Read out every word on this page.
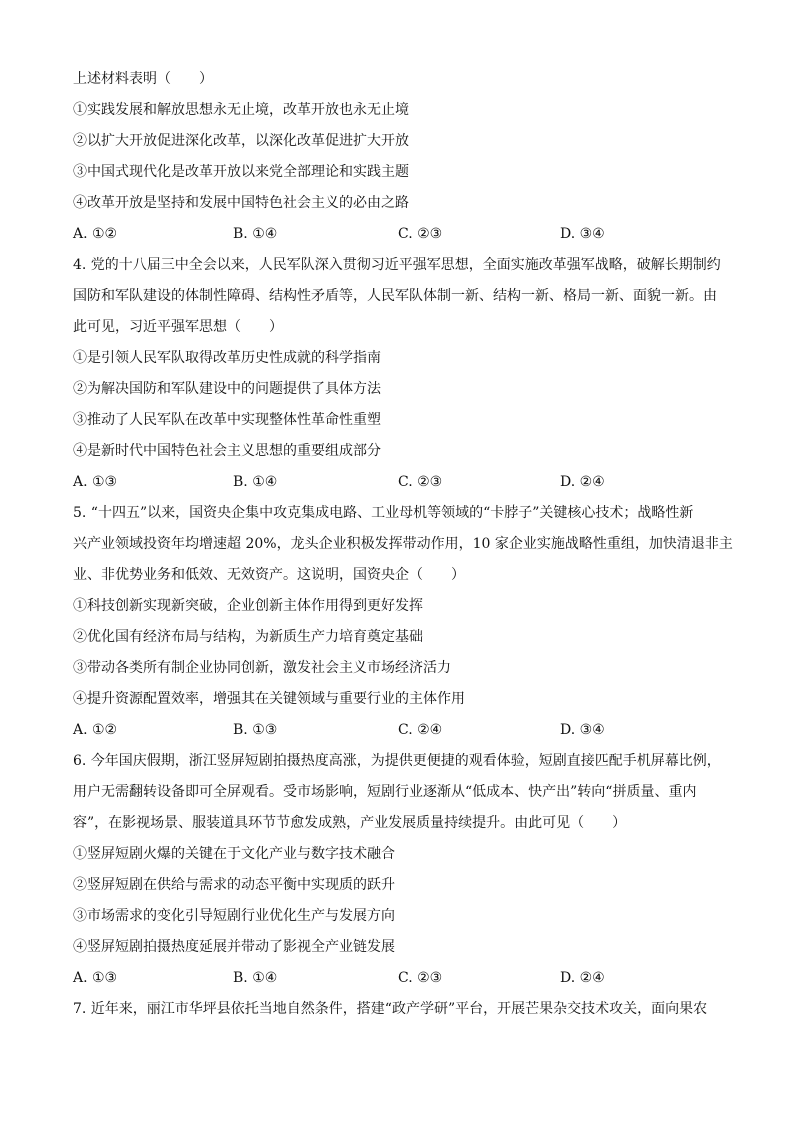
上述材料表明（　　）
①实践发展和解放思想永无止境，改革开放也永无止境
②以扩大开放促进深化改革，以深化改革促进扩大开放
③中国式现代化是改革开放以来党全部理论和实践主题
④改革开放是坚持和发展中国特色社会主义的必由之路
A. ①②	B. ①④	C. ②③	D. ③④
4. 党的十八届三中全会以来，人民军队深入贯彻习近平强军思想，全面实施改革强军战略，破解长期制约
国防和军队建设的体制性障碍、结构性矛盾等，人民军队体制一新、结构一新、格局一新、面貌一新。由
此可见，习近平强军思想（　　）
①是引领人民军队取得改革历史性成就的科学指南
②为解决国防和军队建设中的问题提供了具体方法
③推动了人民军队在改革中实现整体性革命性重塑
④是新时代中国特色社会主义思想的重要组成部分
A. ①③	B. ①④	C. ②③	D. ②④
5. “十四五”以来，国资央企集中攻克集成电路、工业母机等领域的“卡脖子”关键核心技术；战略性新
兴产业领域投资年均增速超 20%，龙头企业积极发挥带动作用，10 家企业实施战略性重组，加快清退非主
业、非优势业务和低效、无效资产。这说明，国资央企（　　）
①科技创新实现新突破，企业创新主体作用得到更好发挥
②优化国有经济布局与结构，为新质生产力培育奠定基础
③带动各类所有制企业协同创新，激发社会主义市场经济活力
④提升资源配置效率，增强其在关键领域与重要行业的主体作用
A. ①②	B. ①③	C. ②④	D. ③④
6. 今年国庆假期，浙江竖屏短剧拍摄热度高涨，为提供更便捷的观看体验，短剧直接匹配手机屏幕比例，
用户无需翻转设备即可全屏观看。受市场影响，短剧行业逐渐从“低成本、快产出”转向“拼质量、重内
容”，在影视场景、服装道具环节节愈发成熟，产业发展质量持续提升。由此可见（　　）
①竖屏短剧火爆的关键在于文化产业与数字技术融合
②竖屏短剧在供给与需求的动态平衡中实现质的跃升
③市场需求的变化引导短剧行业优化生产与发展方向
④竖屏短剧拍摄热度延展并带动了影视全产业链发展
A. ①③	B. ①④	C. ②③	D. ②④
7. 近年来，丽江市华坪县依托当地自然条件，搭建“政产学研”平台，开展芒果杂交技术攻关，面向果农
